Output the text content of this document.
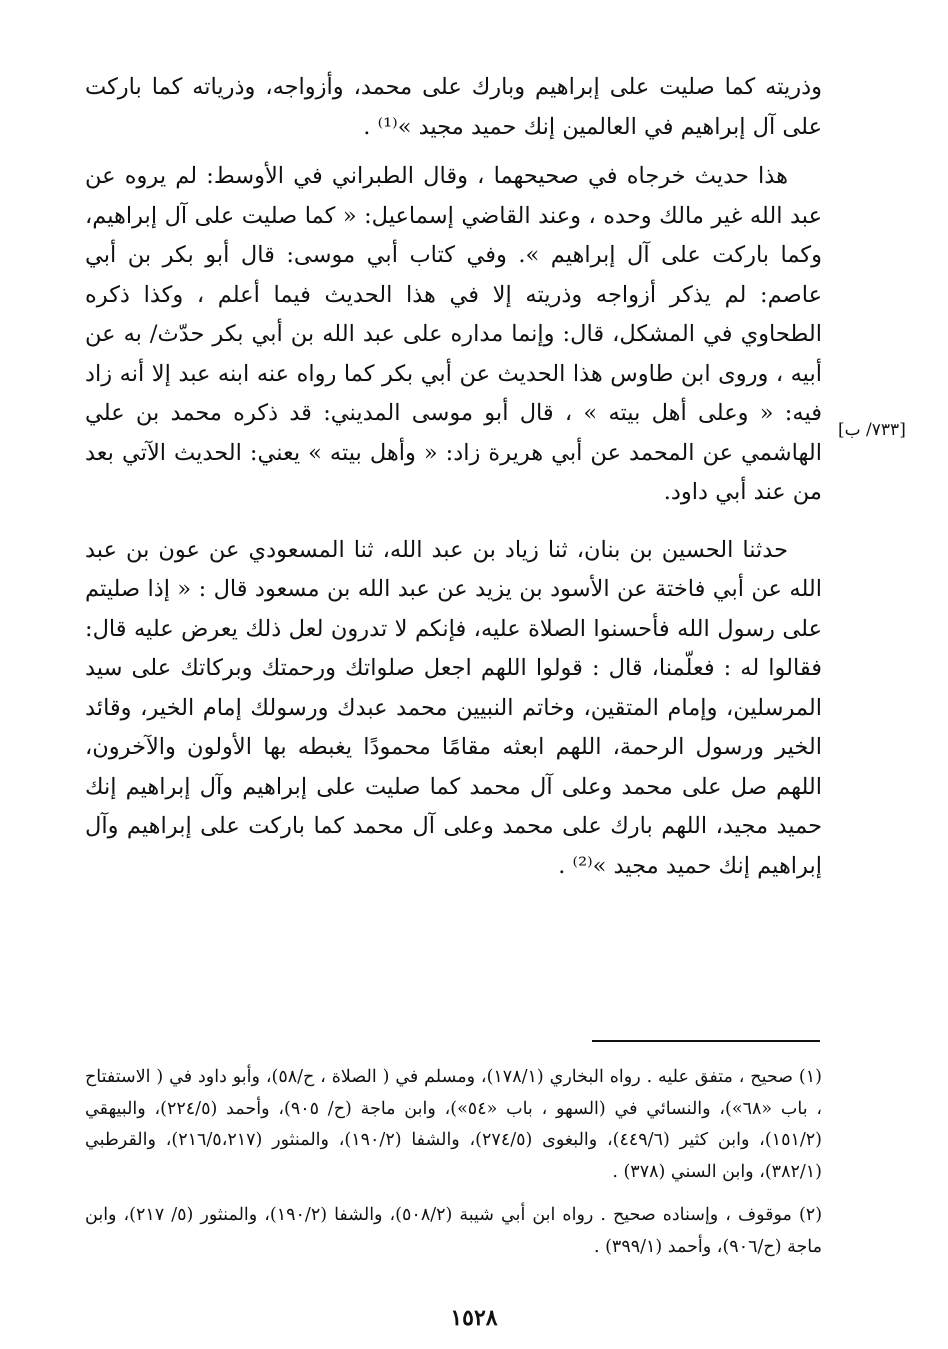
وذريته كما صليت على إبراهيم وبارك على محمد، وأزواجه، وذرياته كما باركت على آل إبراهيم في العالمين إنك حميد مجيد »⁽¹⁾ .

هذا حديث خرجاه في صحيحهما ، وقال الطبراني في الأوسط: لم يروه عن عبد الله غير مالك وحده ، وعند القاضي إسماعيل: « كما صليت على آل إبراهيم، وكما باركت على آل إبراهيم ». وفي كتاب أبي موسى: قال أبو بكر بن أبي عاصم: لم يذكر أزواجه وذريته إلا في هذا الحديث فيما أعلم ، وكذا ذكره الطحاوي في المشكل، قال: وإنما مداره على عبد الله بن أبي بكر حدّث/ به عن أبيه ، وروى ابن طاوس هذا الحديث عن أبي بكر كما رواه عنه ابنه عبد إلا أنه زاد فيه: « وعلى أهل بيته » ، قال أبو موسى المديني: قد ذكره محمد بن علي الهاشمي عن المحمد عن أبي هريرة زاد: « وأهل بيته » يعني: الحديث الآتي بعد من عند أبي داود.

حدثنا الحسين بن بنان، ثنا زياد بن عبد الله، ثنا المسعودي عن عون بن عبد الله عن أبي فاختة عن الأسود بن يزيد عن عبد الله بن مسعود قال : « إذا صليتم على رسول الله فأحسنوا الصلاة عليه، فإنكم لا تدرون لعل ذلك يعرض عليه قال: فقالوا له : فعلّمنا، قال : قولوا اللهم اجعل صلواتك ورحمتك وبركاتك على سيد المرسلين، وإمام المتقين، وخاتم النبيين محمد عبدك ورسولك إمام الخير، وقائد الخير ورسول الرحمة، اللهم ابعثه مقامًا محمودًا يغبطه بها الأولون والآخرون، اللهم صل على محمد وعلى آل محمد كما صليت على إبراهيم وآل إبراهيم إنك حميد مجيد، اللهم بارك على محمد وعلى آل محمد كما باركت على إبراهيم وآل إبراهيم إنك حميد مجيد »⁽²⁾ .

[٧٣٣/ ب]

(١) صحيح ، متفق عليه . رواه البخاري (١٧٨/١)، ومسلم في ( الصلاة ، ح/٥٨)، وأبو داود في ( الاستفتاح ، باب «٦٨»)، والنسائي في (السهو ، باب «٥٤»)، وابن ماجة (ح/ ٩٠٥)، وأحمد (٢٢٤/٥)، والبيهقي (١٥١/٢)، وابن كثير (٤٤٩/٦)، والبغوى (٢٧٤/٥)، والشفا (١٩٠/٢)، والمنثور (٢١٦/٥،٢١٧)، والقرطبي (٣٨٢/١)، وابن السني (٣٧٨) .

(٢) موقوف ، وإسناده صحيح . رواه ابن أبي شيبة (٥٠٨/٢)، والشفا (١٩٠/٢)، والمنثور (٥/ ٢١٧)، وابن ماجة (ح/٩٠٦)، وأحمد (٣٩٩/١) .

١٥٢٨
